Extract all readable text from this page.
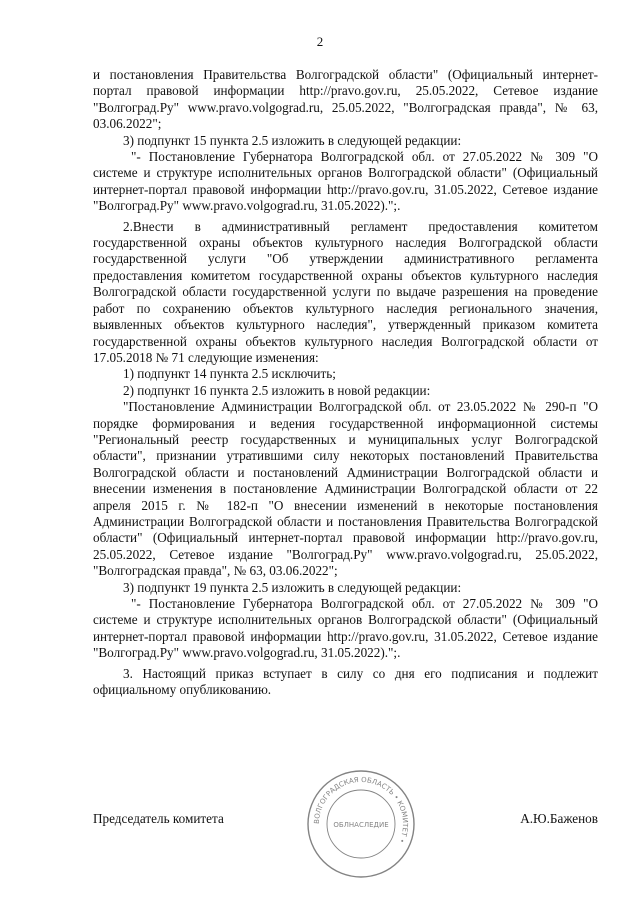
2

и постановления Правительства Волгоградской области" (Официальный интернет-портал правовой информации http://pravo.gov.ru, 25.05.2022, Сетевое издание "Волгоград.Ру" www.pravo.volgograd.ru, 25.05.2022, "Волгоградская правда", № 63, 03.06.2022";

3) подпункт 15 пункта 2.5 изложить в следующей редакции:

"- Постановление Губернатора Волгоградской обл. от 27.05.2022 № 309 "О системе и структуре исполнительных органов Волгоградской области" (Официальный интернет-портал правовой информации http://pravo.gov.ru, 31.05.2022, Сетевое издание "Волгоград.Ру" www.pravo.volgograd.ru, 31.05.2022).";.

2.Внести в административный регламент предоставления комитетом государственной охраны объектов культурного наследия Волгоградской области государственной услуги "Об утверждении административного регламента предоставления комитетом государственной охраны объектов культурного наследия Волгоградской области государственной услуги по выдаче разрешения на проведение работ по сохранению объектов культурного наследия регионального значения, выявленных объектов культурного наследия", утвержденный приказом комитета государственной охраны объектов культурного наследия Волгоградской области от 17.05.2018 № 71 следующие изменения:

1) подпункт 14 пункта 2.5 исключить;

2) подпункт 16 пункта 2.5 изложить в новой редакции:

"Постановление Администрации Волгоградской обл. от 23.05.2022 № 290-п "О порядке формирования и ведения государственной информационной системы "Региональный реестр государственных и муниципальных услуг Волгоградской области", признании утратившими силу некоторых постановлений Правительства Волгоградской области и постановлений Администрации Волгоградской области и внесении изменения в постановление Администрации Волгоградской области от 22 апреля 2015 г. № 182-п "О внесении изменений в некоторые постановления Администрации Волгоградской области и постановления Правительства Волгоградской области" (Официальный интернет-портал правовой информации http://pravo.gov.ru, 25.05.2022, Сетевое издание "Волгоград.Ру" www.pravo.volgograd.ru, 25.05.2022, "Волгоградская правда", № 63, 03.06.2022";

3) подпункт 19 пункта 2.5 изложить в следующей редакции:

"- Постановление Губернатора Волгоградской обл. от 27.05.2022 № 309 "О системе и структуре исполнительных органов Волгоградской области" (Официальный интернет-портал правовой информации http://pravo.gov.ru, 31.05.2022, Сетевое издание "Волгоград.Ру" www.pravo.volgograd.ru, 31.05.2022).";.

3. Настоящий приказ вступает в силу со дня его подписания и подлежит официальному опубликованию.

ВОЛГОГРАДСКАЯ ОБЛАСТЬ • КОМИТЕТ •
ОБЛНАСЛЕДИЕ
Председатель комитета	А.Ю.Баженов
